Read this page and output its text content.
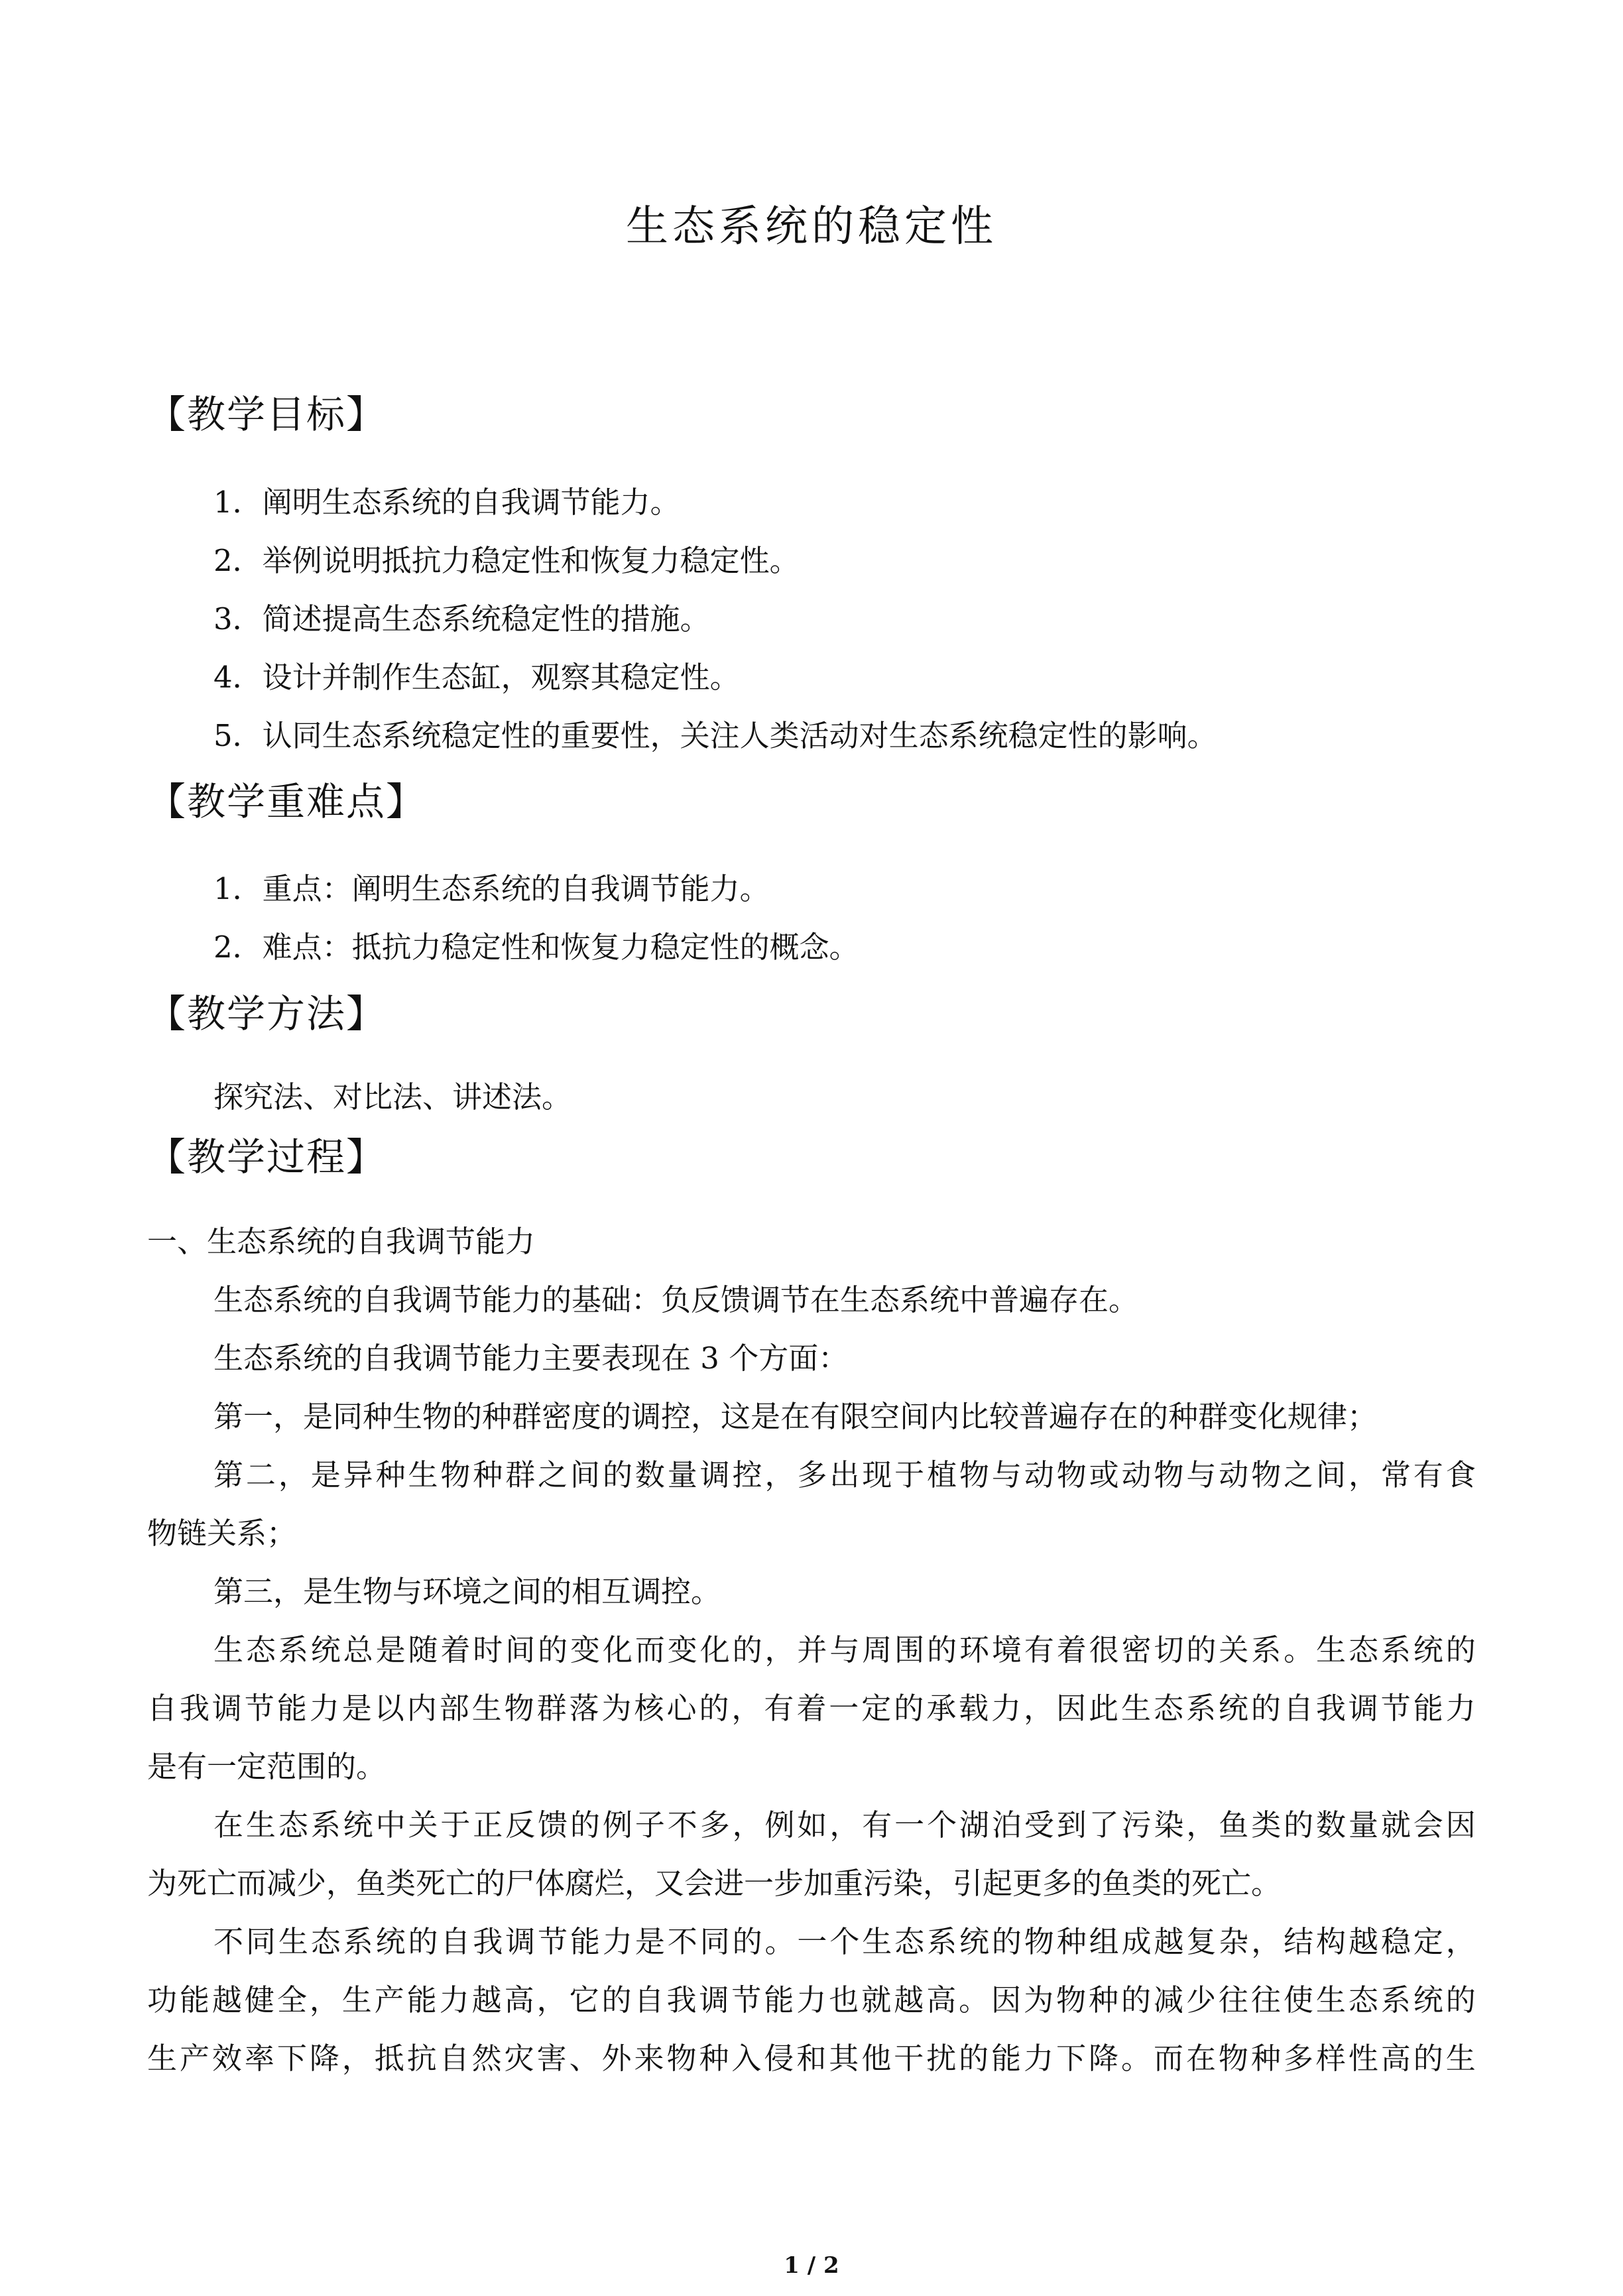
生态系统的稳定性
【教学目标】
1．阐明生态系统的自我调节能力。
2．举例说明抵抗力稳定性和恢复力稳定性。
3．简述提高生态系统稳定性的措施。
4．设计并制作生态缸，观察其稳定性。
5．认同生态系统稳定性的重要性，关注人类活动对生态系统稳定性的影响。
【教学重难点】
1．重点：阐明生态系统的自我调节能力。
2．难点：抵抗力稳定性和恢复力稳定性的概念。
【教学方法】
探究法、对比法、讲述法。
【教学过程】
一、生态系统的自我调节能力
生态系统的自我调节能力的基础：负反馈调节在生态系统中普遍存在。
生态系统的自我调节能力主要表现在 3 个方面：
第一，是同种生物的种群密度的调控，这是在有限空间内比较普遍存在的种群变化规律；
第二，是异种生物种群之间的数量调控，多出现于植物与动物或动物与动物之间，常有食
物链关系；
第三，是生物与环境之间的相互调控。
生态系统总是随着时间的变化而变化的，并与周围的环境有着很密切的关系。生态系统的
自我调节能力是以内部生物群落为核心的，有着一定的承载力，因此生态系统的自我调节能力
是有一定范围的。
在生态系统中关于正反馈的例子不多，例如，有一个湖泊受到了污染，鱼类的数量就会因
为死亡而减少，鱼类死亡的尸体腐烂，又会进一步加重污染，引起更多的鱼类的死亡。
不同生态系统的自我调节能力是不同的。一个生态系统的物种组成越复杂，结构越稳定，
功能越健全，生产能力越高，它的自我调节能力也就越高。因为物种的减少往往使生态系统的
生产效率下降，抵抗自然灾害、外来物种入侵和其他干扰的能力下降。而在物种多样性高的生
1 / 2
